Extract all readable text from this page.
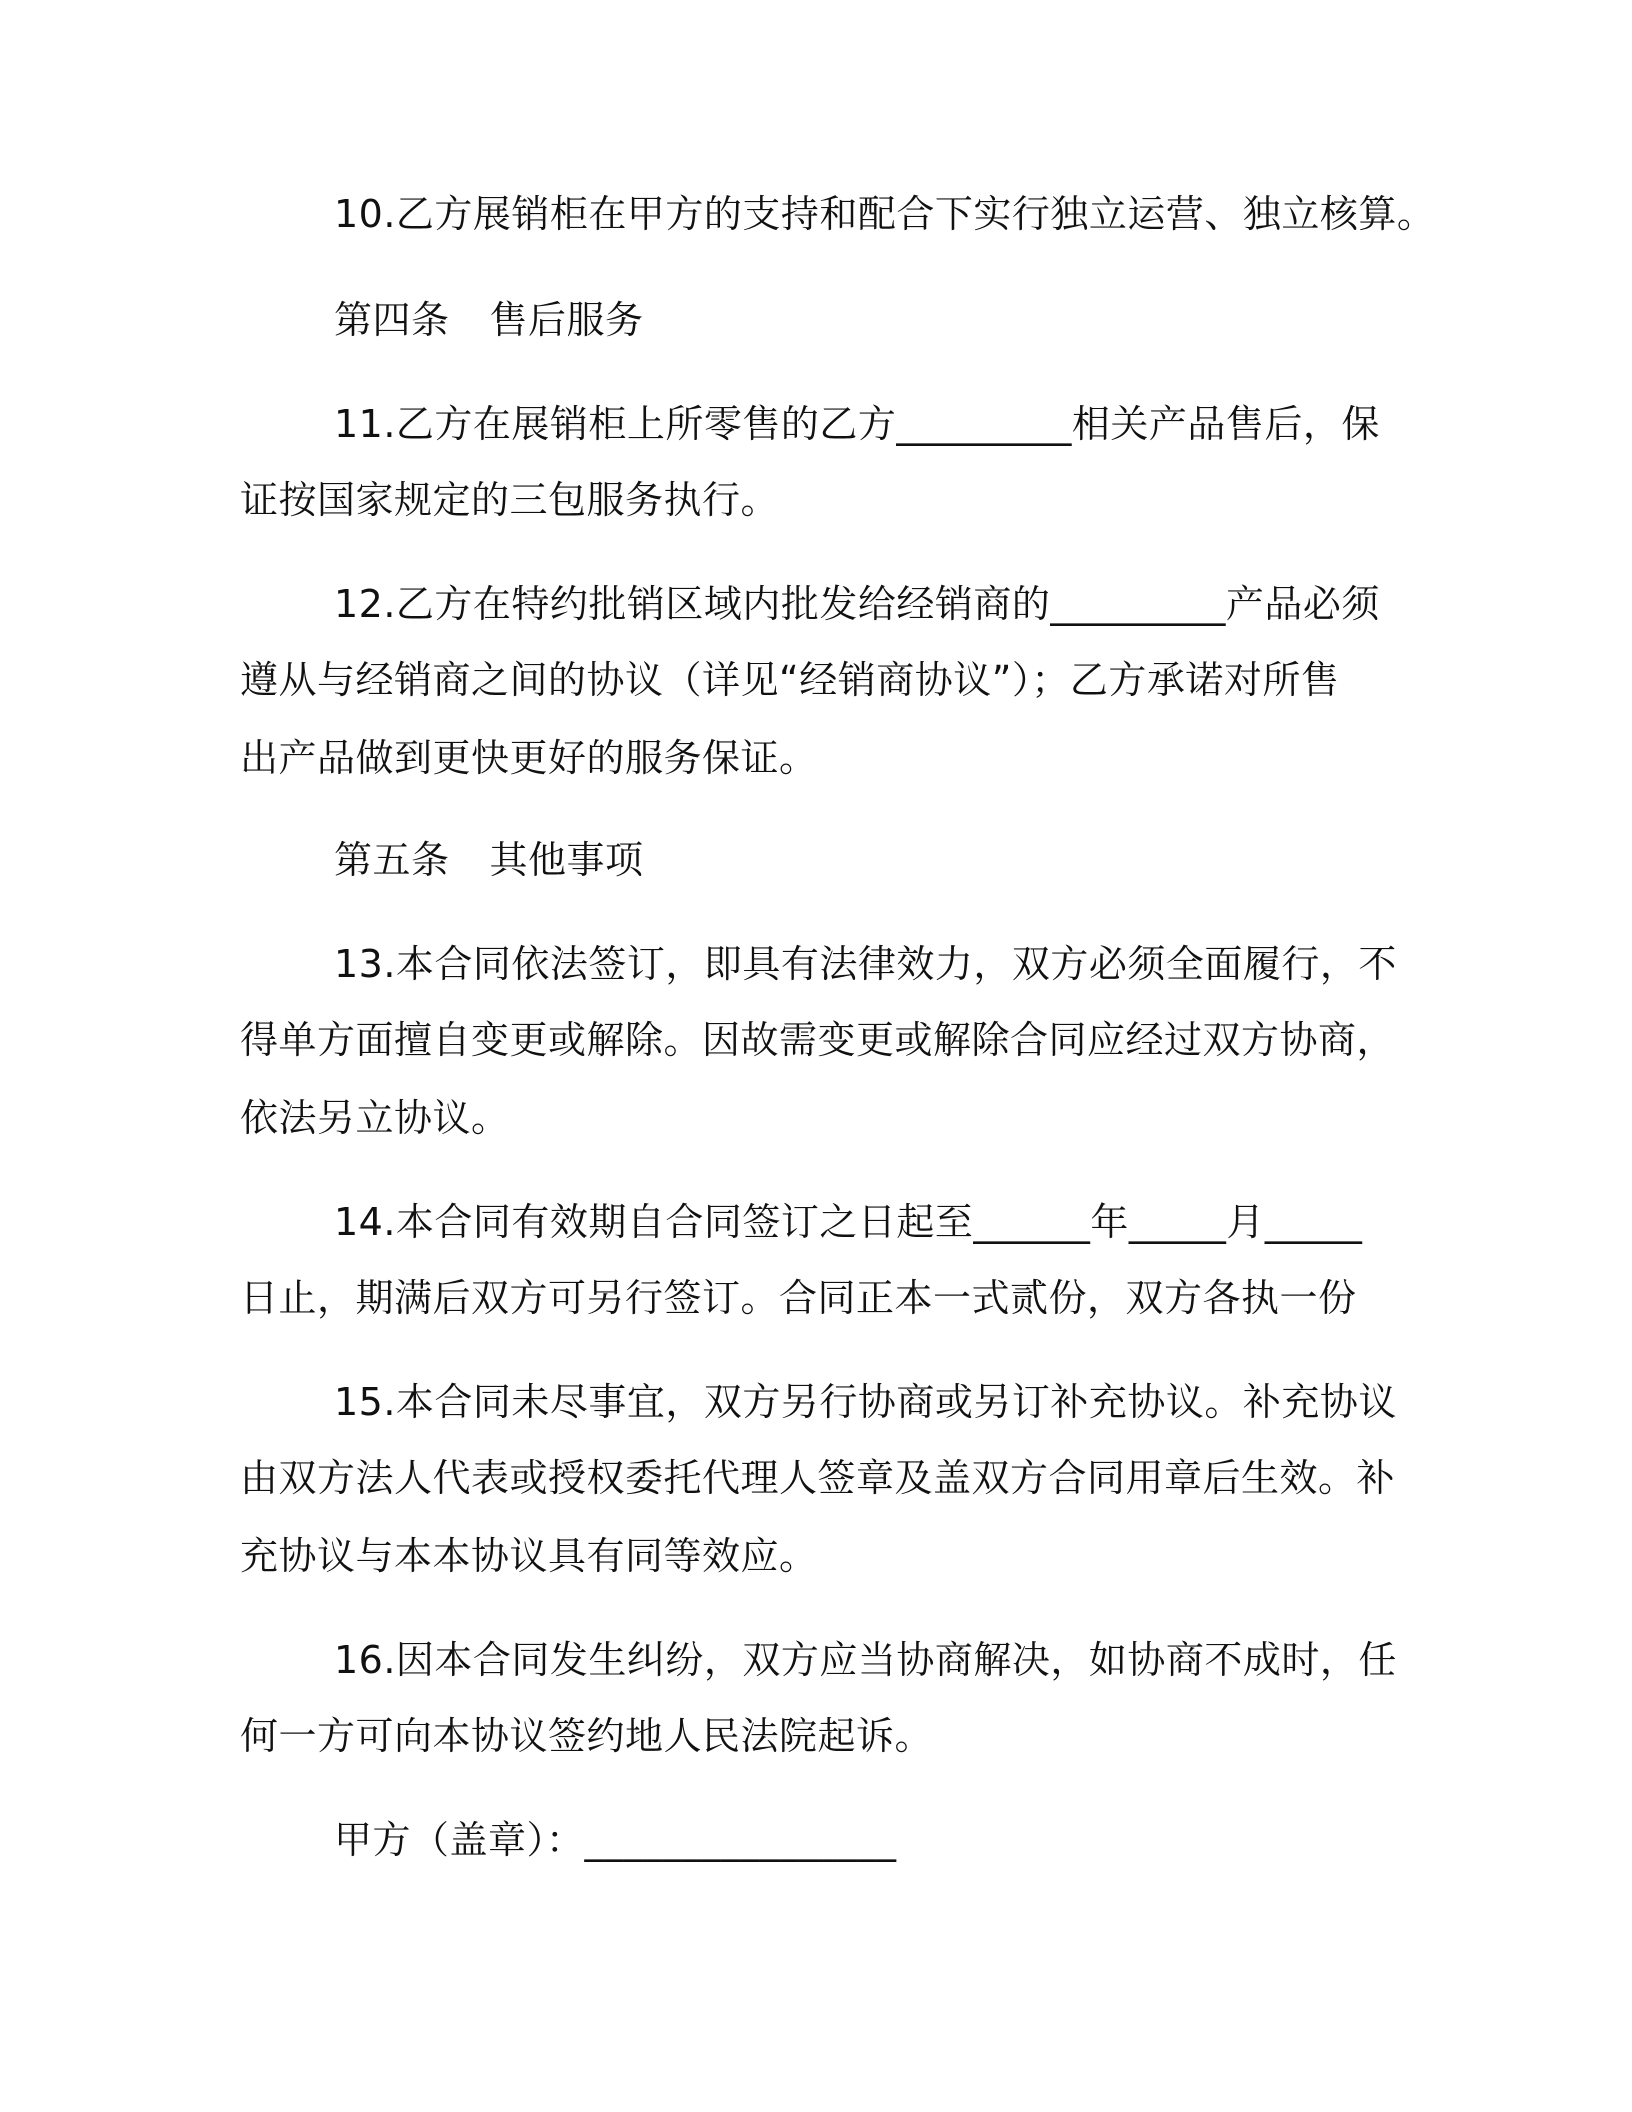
10.乙方展销柜在甲方的支持和配合下实行独立运营、独立核算。
第四条 售后服务
11.乙方在展销柜上所零售的乙方_________相关产品售后，保
证按国家规定的三包服务执行。
12.乙方在特约批销区域内批发给经销商的_________产品必须
遵从与经销商之间的协议（详见“经销商协议”）；乙方承诺对所售
出产品做到更快更好的服务保证。
第五条 其他事项
13.本合同依法签订，即具有法律效力，双方必须全面履行，不
得单方面擅自变更或解除。因故需变更或解除合同应经过双方协商，
依法另立协议。
14.本合同有效期自合同签订之日起至______年_____月_____
日止，期满后双方可另行签订。合同正本一式贰份，双方各执一份
15.本合同未尽事宜，双方另行协商或另订补充协议。补充协议
由双方法人代表或授权委托代理人签章及盖双方合同用章后生效。补
充协议与本本协议具有同等效应。
16.因本合同发生纠纷，双方应当协商解决，如协商不成时，任
何一方可向本协议签约地人民法院起诉。
甲方（盖章）：________________
